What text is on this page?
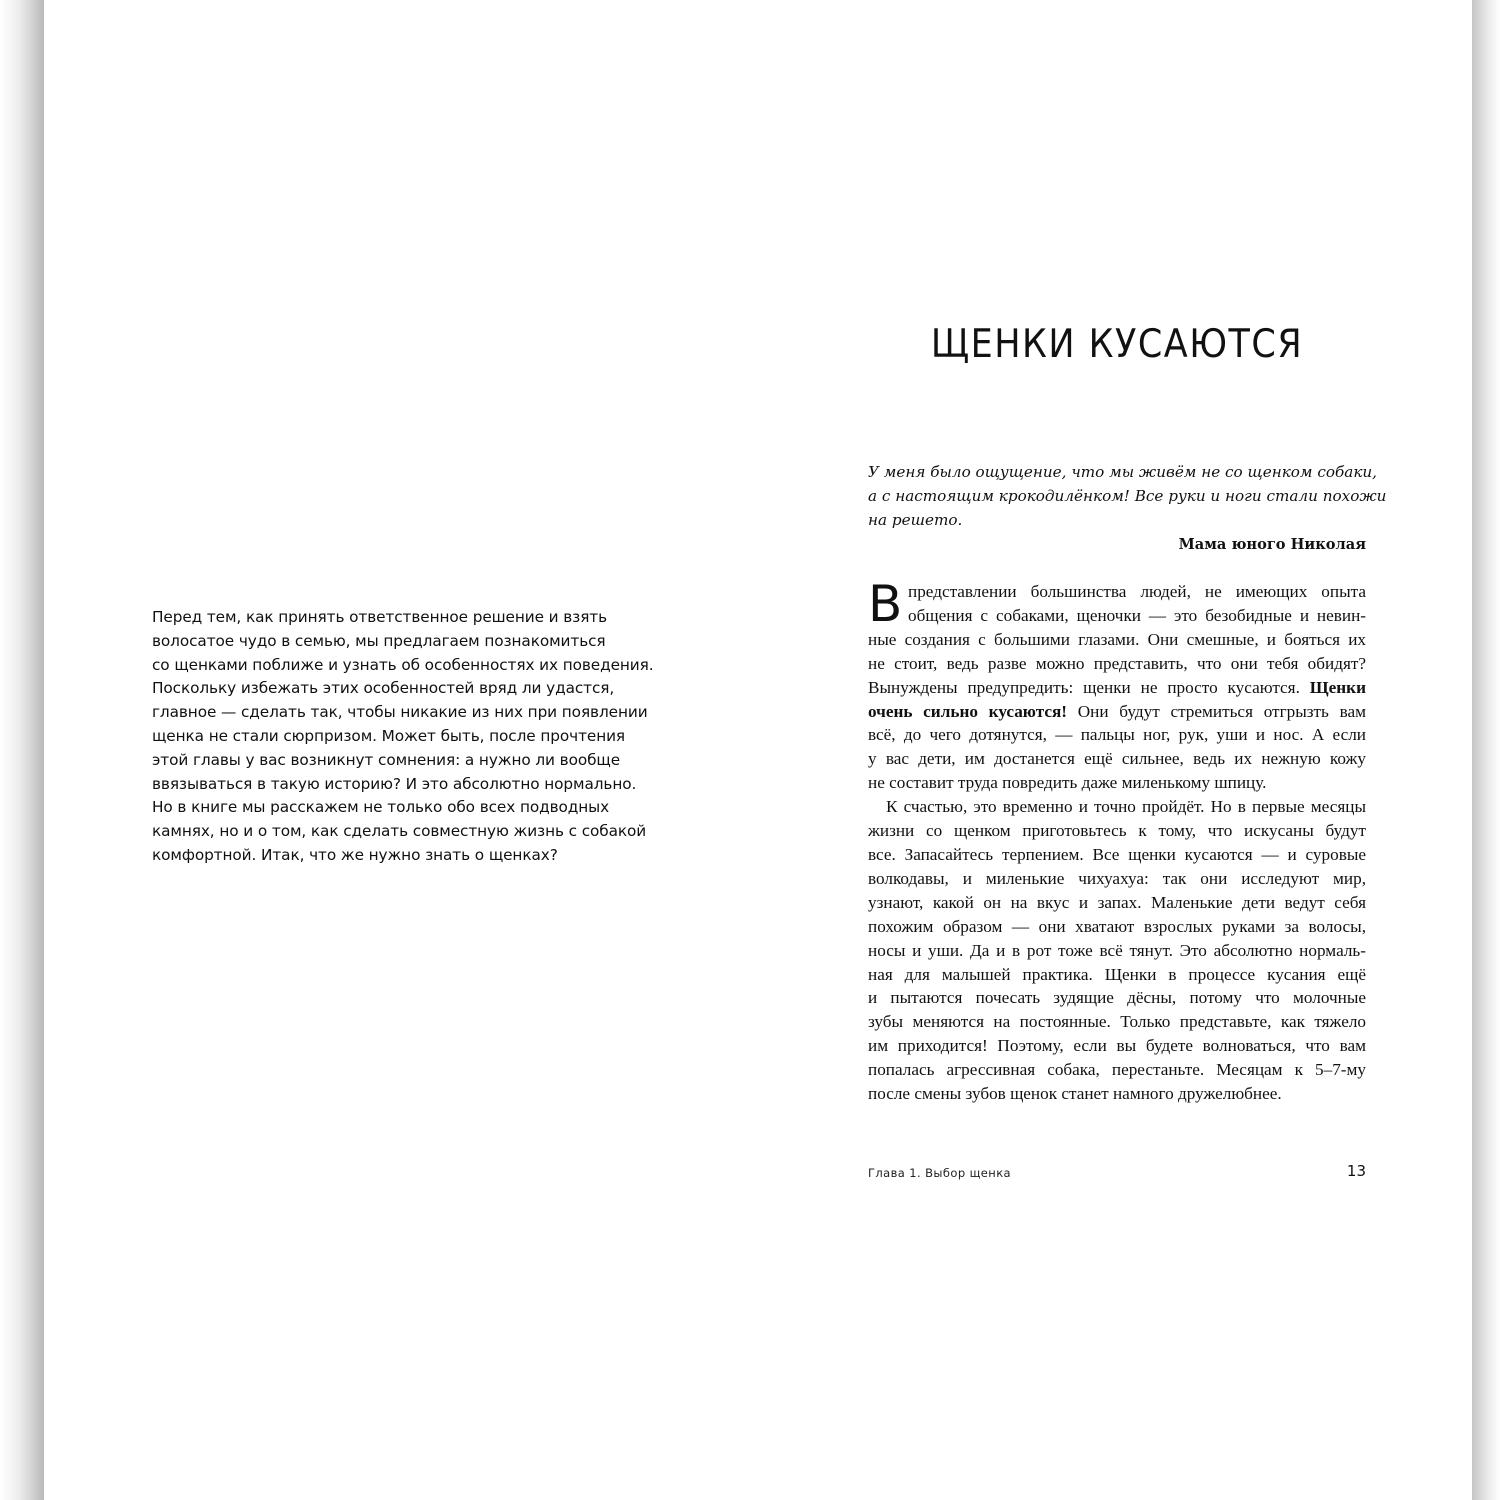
Перед тем, как принять ответственное решение и взять
волосатое чудо в семью, мы предлагаем познакомиться
со щенками поближе и узнать об особенностях их поведения.
Поскольку избежать этих особенностей вряд ли удастся,
главное — сделать так, чтобы никакие из них при появлении
щенка не стали сюрпризом. Может быть, после прочтения
этой главы у вас возникнут сомнения: а нужно ли вообще
ввязываться в такую историю? И это абсолютно нормально.
Но в книге мы расскажем не только обо всех подводных
камнях, но и о том, как сделать совместную жизнь с собакой
комфортной. Итак, что же нужно знать о щенках?

ЩЕНКИ КУСАЮТСЯ

У меня было ощущение, что мы живём не со щенком собаки,
а с настоящим крокодилёнком! Все руки и ноги стали похожи
на решето.

Мама юного Николая

В представлении большинства людей, не имеющих опыта
общения с собаками, щеночки — это безобидные и невин-
ные создания с большими глазами. Они смешные, и бояться их
не стоит, ведь разве можно представить, что они тебя обидят?
Вынуждены предупредить: щенки не просто кусаются. Щенки
очень сильно кусаются! Они будут стремиться отгрызть вам
всё, до чего дотянутся, — пальцы ног, рук, уши и нос. А если
у вас дети, им достанется ещё сильнее, ведь их нежную кожу
не составит труда повредить даже миленькому шпицу.
К счастью, это временно и точно пройдёт. Но в первые месяцы
жизни со щенком приготовьтесь к тому, что искусаны будут
все. Запасайтесь терпением. Все щенки кусаются — и суровые
волкодавы, и миленькие чихуахуа: так они исследуют мир,
узнают, какой он на вкус и запах. Маленькие дети ведут себя
похожим образом — они хватают взрослых руками за волосы,
носы и уши. Да и в рот тоже всё тянут. Это абсолютно нормаль-
ная для малышей практика. Щенки в процессе кусания ещё
и пытаются почесать зудящие дёсны, потому что молочные
зубы меняются на постоянные. Только представьте, как тяжело
им приходится! Поэтому, если вы будете волноваться, что вам
попалась агрессивная собака, перестаньте. Месяцам к 5–7-му
после смены зубов щенок станет намного дружелюбнее.
Глава 1. Выбор щенка	13
